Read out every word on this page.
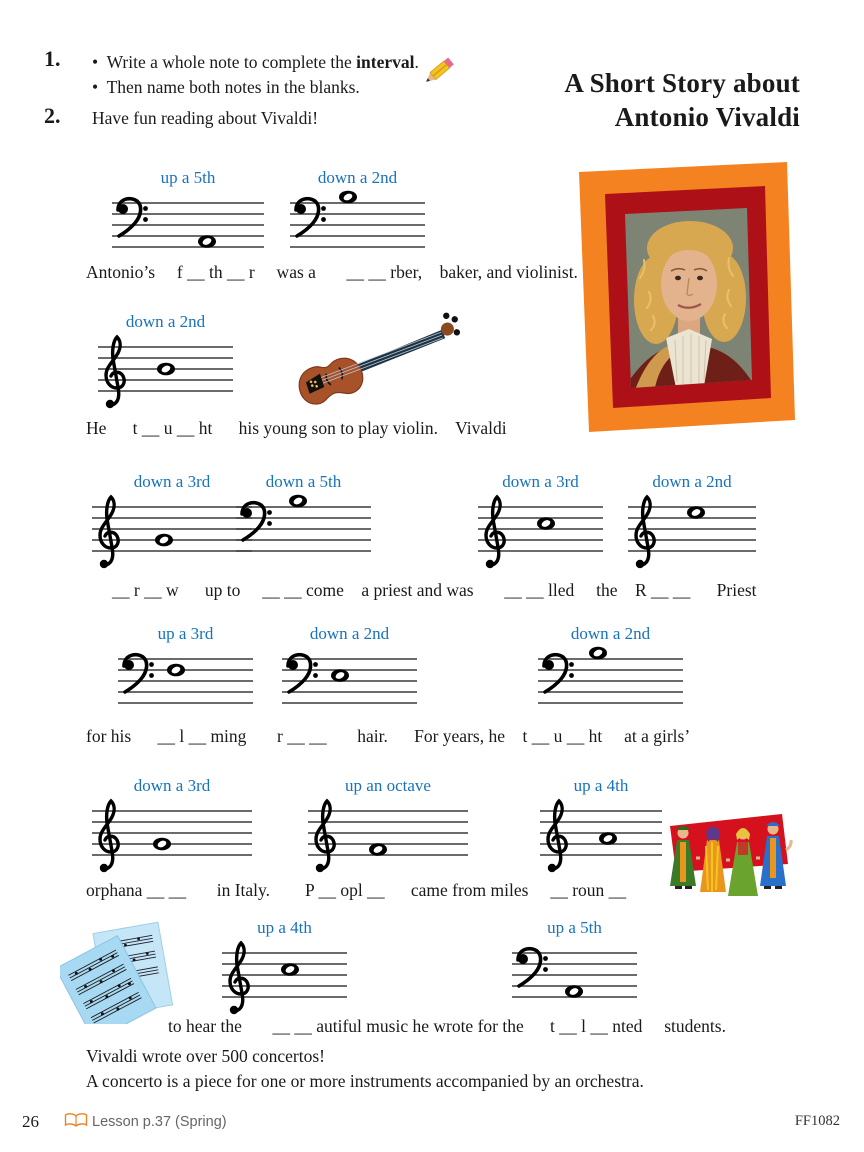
1. • Write a whole note to complete the interval.
• Then name both notes in the blanks.
2. Have fun reading about Vivaldi!
A Short Story about
Antonio Vivaldi
up a 5th	down a 2nd
Antonio’s     f __ th __ r     was a       __ __ rber,    baker, and violinist.
down a 2nd
He      t __ u __ ht      his young son to play violin.    Vivaldi
down a 3rd	down a 5th	down a 3rd	down a 2nd
__ r __ w      up to     __ __ come    a priest and was       __ __ lled     the    R __ __      Priest
up a 3rd	down a 2nd	down a 2nd
for his      __ l __ ming       r __ __       hair.      For years, he    t __ u __ ht     at a girls’
down a 3rd	up an octave	up a 4th
orphana __ __       in Italy.        P __ opl __      came from miles     __ roun __
up a 4th	up a 5th
to hear the       __ __ autiful music he wrote for the      t __ l __ nted     students.
Vivaldi wrote over 500 concertos!
A concerto is a piece for one or more instruments accompanied by an orchestra.
26	Lesson p.37 (Spring)	FF1082
